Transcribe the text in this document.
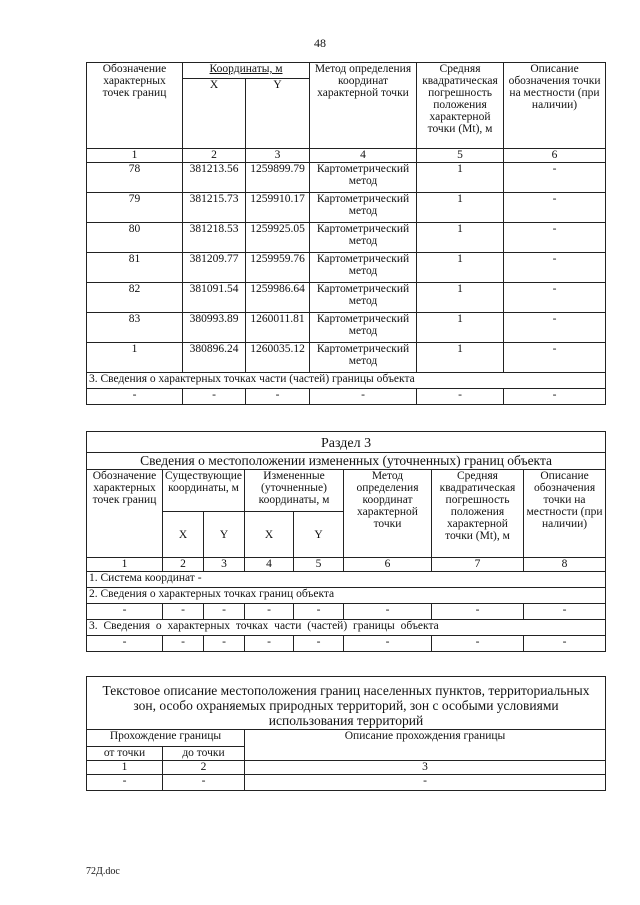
48
Обозначение характерных точек границ	Координаты, м		Метод определения координат характерной точки	Средняя квадратическая погрешность положения характерной точки (Mt), м	Описание обозначения точки на местности (при наличии)
	X	Y			
1	2	3	4	5	6
78	381213.56	1259899.79	Картометрический метод	1	-
79	381215.73	1259910.17	Картометрический метод	1	-
80	381218.53	1259925.05	Картометрический метод	1	-
81	381209.77	1259959.76	Картометрический метод	1	-
82	381091.54	1259986.64	Картометрический метод	1	-
83	380993.89	1260011.81	Картометрический метод	1	-
1	380896.24	1260035.12	Картометрический метод	1	-
3. Сведения о характерных точках части (частей) границы объекта					
-	-	-	-	-	-
Раздел 3							
Сведения о местоположении измененных (уточненных) границ объекта							
Обозначение характерных точек границ	Существующие координаты, м		Измененные (уточненные) координаты, м		Метод определения координат характерной точки	Средняя квадратическая погрешность положения характерной точки (Mt), м	Описание обозначения точки на местности (при наличии)
	X	Y	X	Y			
1	2	3	4	5	6	7	8
1. Система координат -							
2. Сведения о характерных точках границ объекта							
-	-	-	-	-	-	-	-
3. Сведения о характерных точках части (частей) границы объекта							
-	-	-	-	-	-	-	-
Текстовое описание местоположения границ населенных пунктов, территориальных зон, особо охраняемых природных территорий, зон с особыми условиями использования территорий		
Прохождение границы		Описание прохождения границы
от точки	до точки	
1	2	3
-	-	-
72Д.doc
